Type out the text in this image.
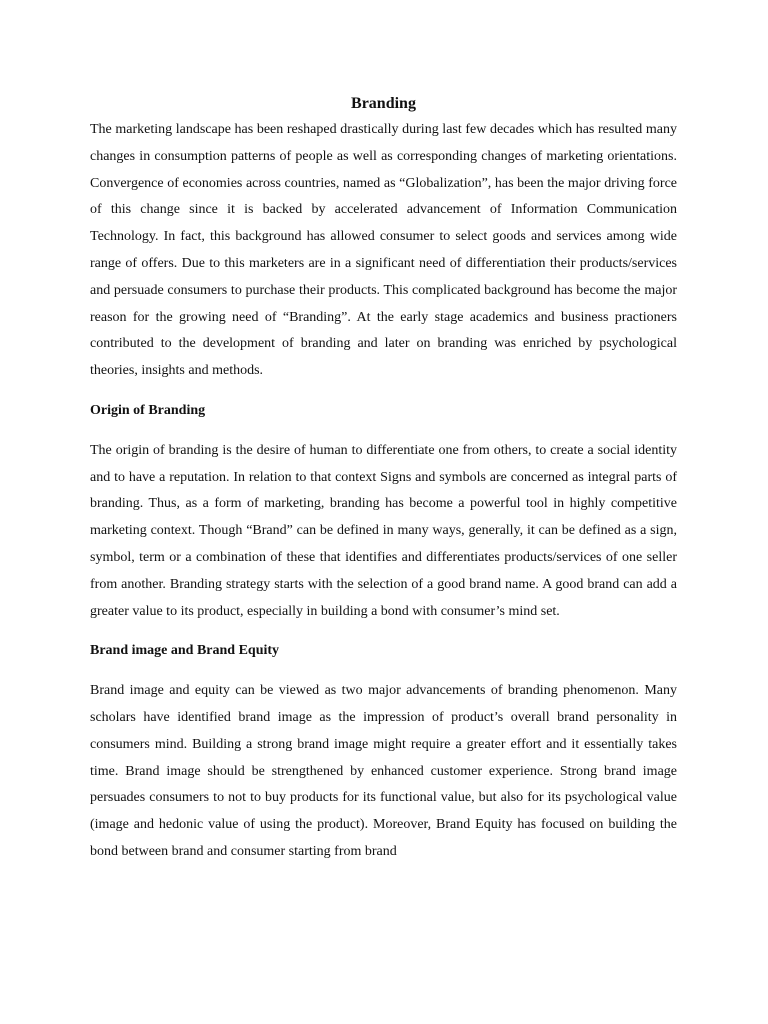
Branding

The marketing landscape has been reshaped drastically during last few decades which has resulted many changes in consumption patterns of people as well as corresponding changes of marketing orientations. Convergence of economies across countries, named as “Globalization”, has been the major driving force of this change since it is backed by accelerated advancement of Information Communication Technology. In fact, this background has allowed consumer to select goods and services among wide range of offers. Due to this marketers are in a significant need of differentiation their products/services and persuade consumers to purchase their products. This complicated background has become the major reason for the growing need of “Branding”. At the early stage academics and business practioners contributed to the development of branding and later on branding was enriched by psychological theories, insights and methods.

Origin of Branding

The origin of branding is the desire of human to differentiate one from others, to create a social identity and to have a reputation. In relation to that context Signs and symbols are concerned as integral parts of branding. Thus, as a form of marketing, branding has become a powerful tool in highly competitive marketing context. Though “Brand” can be defined in many ways, generally, it can be defined as a sign, symbol, term or a combination of these that identifies and differentiates products/services of one seller from another. Branding strategy starts with the selection of a good brand name. A good brand can add a greater value to its product, especially in building a bond with consumer’s mind set.

Brand image and Brand Equity

Brand image and equity can be viewed as two major advancements of branding phenomenon. Many scholars have identified brand image as the impression of product’s overall brand personality in consumers mind. Building a strong brand image might require a greater effort and it essentially takes time. Brand image should be strengthened by enhanced customer experience. Strong brand image persuades consumers to not to buy products for its functional value, but also for its psychological value (image and hedonic value of using the product). Moreover, Brand Equity has focused on building the bond between brand and consumer starting from brand
